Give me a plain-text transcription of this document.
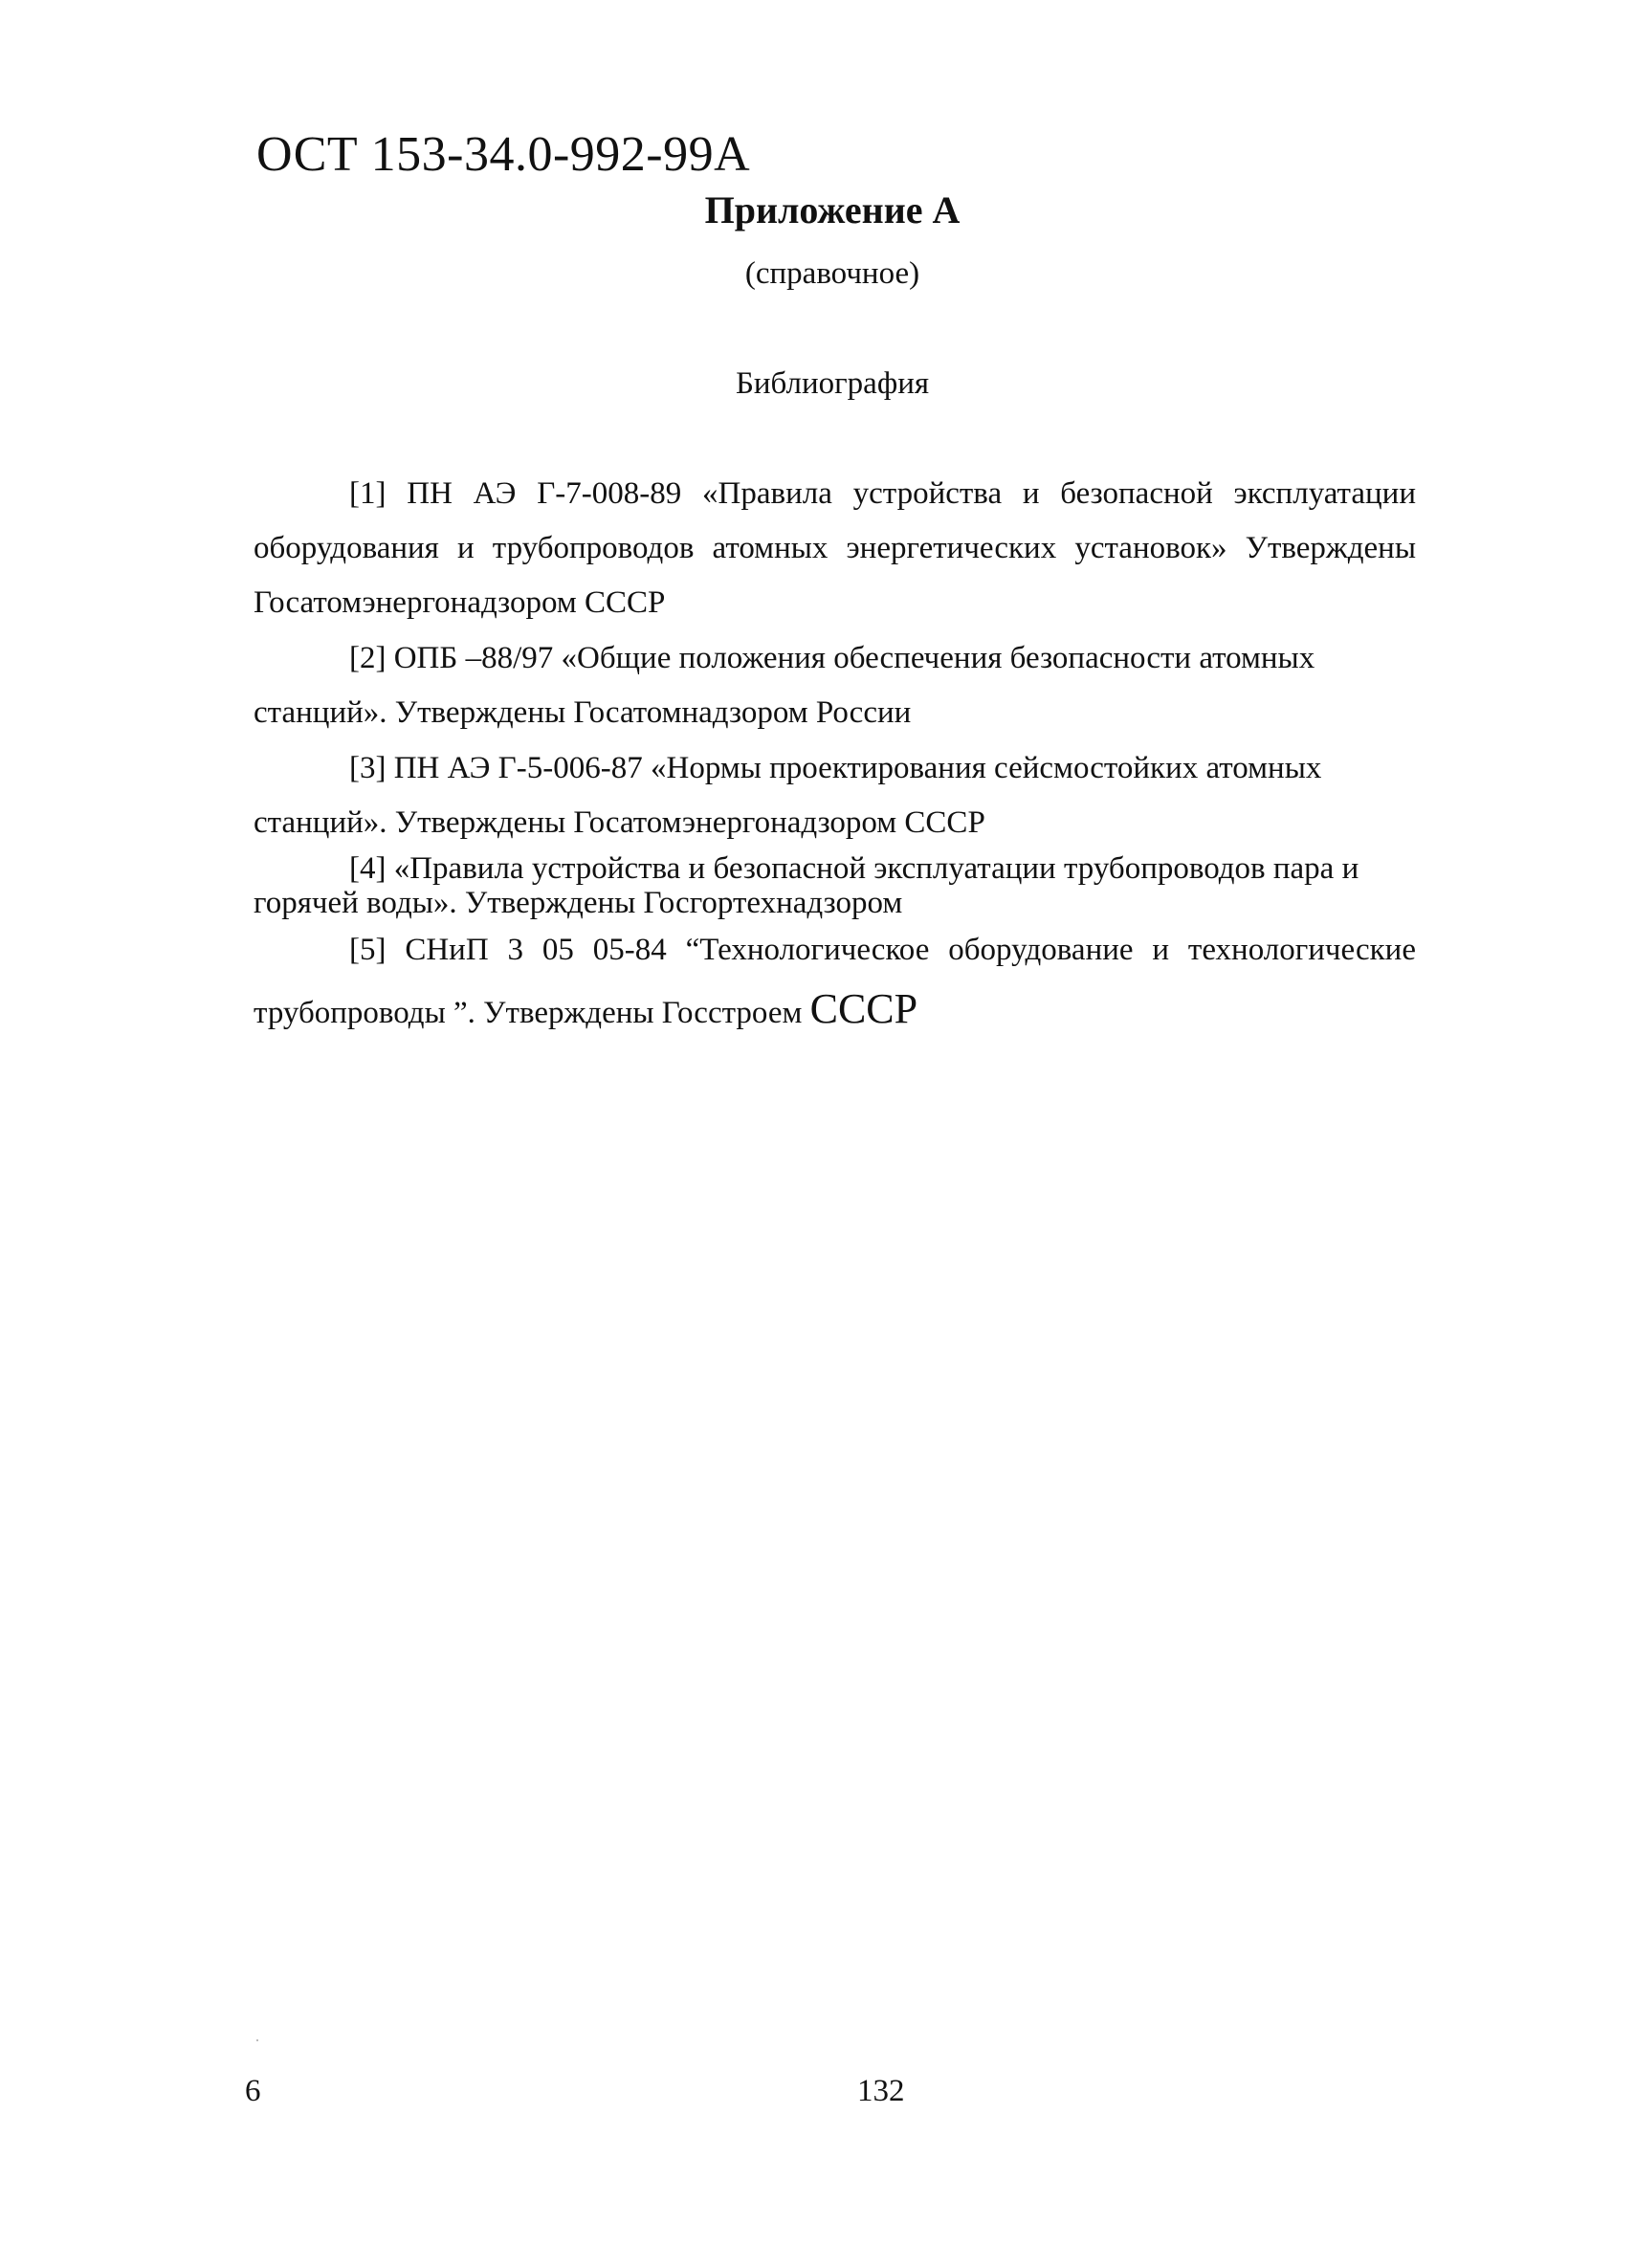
ОСТ 153-34.0-992-99А
Приложение А
(справочное)
Библиография
[1] ПН АЭ Г-7-008-89 «Правила устройства и безопасной эксплуатации
оборудования и трубопроводов атомных энергетических установок» Утверждены
Госатомэнергонадзором СССР
[2] ОПБ –88/97 «Общие положения обеспечения безопасности атомных
станций». Утверждены Госатомнадзором России
[3] ПН АЭ Г-5-006-87 «Нормы проектирования сейсмостойких атомных
станций». Утверждены Госатомэнергонадзором СССР
[4] «Правила устройства и безопасной эксплуатации трубопроводов пара и
горячей воды». Утверждены Госгортехнадзором
[5] СНиП 3 05 05-84 “Технологическое оборудование и технологические
трубопроводы ”. Утверждены Госстроем СССР
6	132
